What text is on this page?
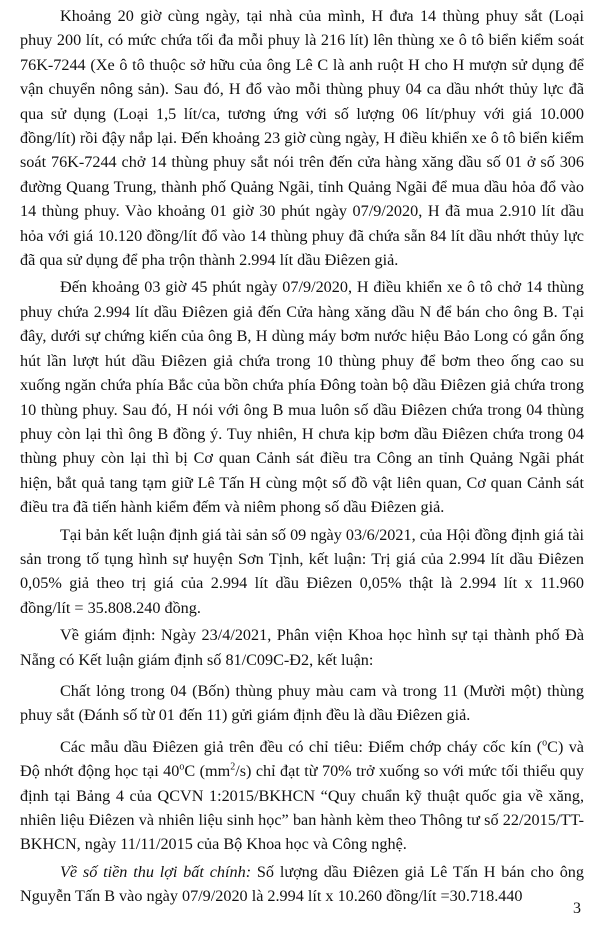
Khoảng 20 giờ cùng ngày, tại nhà của mình, H đưa 14 thùng phuy sắt (Loại phuy 200 lít, có mức chứa tối đa mỗi phuy là 216 lít) lên thùng xe ô tô biển kiểm soát 76K-7244 (Xe ô tô thuộc sở hữu của ông Lê C là anh ruột H cho H mượn sử dụng để vận chuyển nông sản). Sau đó, H đổ vào mỗi thùng phuy 04 ca dầu nhớt thủy lực đã qua sử dụng (Loại 1,5 lít/ca, tương ứng với số lượng 06 lít/phuy với giá 10.000 đồng/lít) rồi đậy nắp lại. Đến khoảng 23 giờ cùng ngày, H điều khiển xe ô tô biển kiểm soát 76K-7244 chở 14 thùng phuy sắt nói trên đến cửa hàng xăng dầu số 01 ở số 306 đường Quang Trung, thành phố Quảng Ngãi, tỉnh Quảng Ngãi để mua dầu hỏa đổ vào 14 thùng phuy. Vào khoảng 01 giờ 30 phút ngày 07/9/2020, H đã mua 2.910 lít dầu hỏa với giá 10.120 đồng/lít đổ vào 14 thùng phuy đã chứa sẵn 84 lít dầu nhớt thủy lực đã qua sử dụng để pha trộn thành 2.994 lít dầu Điêzen giả.

Đến khoảng 03 giờ 45 phút ngày 07/9/2020, H điều khiển xe ô tô chở 14 thùng phuy chứa 2.994 lít dầu Điêzen giả đến Cửa hàng xăng dầu N để bán cho ông B. Tại đây, dưới sự chứng kiến của ông B, H dùng máy bơm nước hiệu Bảo Long có gắn ống hút lần lượt hút dầu Điêzen giả chứa trong 10 thùng phuy để bơm theo ống cao su xuống ngăn chứa phía Bắc của bồn chứa phía Đông toàn bộ dầu Điêzen giả chứa trong 10 thùng phuy. Sau đó, H nói với ông B mua luôn số dầu Điêzen chứa trong 04 thùng phuy còn lại thì ông B đồng ý. Tuy nhiên, H chưa kịp bơm dầu Điêzen chứa trong 04 thùng phuy còn lại thì bị Cơ quan Cảnh sát điều tra Công an tỉnh Quảng Ngãi phát hiện, bắt quả tang tạm giữ Lê Tấn H cùng một số đồ vật liên quan, Cơ quan Cảnh sát điều tra đã tiến hành kiểm đếm và niêm phong số dầu Điêzen giả.

Tại bản kết luận định giá tài sản số 09 ngày 03/6/2021, của Hội đồng định giá tài sản trong tố tụng hình sự huyện Sơn Tịnh, kết luận: Trị giá của 2.994 lít dầu Điêzen 0,05% giả theo trị giá của 2.994 lít dầu Điêzen 0,05% thật là 2.994 lít x 11.960 đồng/lít = 35.808.240 đồng.

Về giám định: Ngày 23/4/2021, Phân viện Khoa học hình sự tại thành phố Đà Nẵng có Kết luận giám định số 81/C09C-Đ2, kết luận:

Chất lỏng trong 04 (Bốn) thùng phuy màu cam và trong 11 (Mười một) thùng phuy sắt (Đánh số từ 01 đến 11) gửi giám định đều là dầu Điêzen giả.

Các mẫu dầu Điêzen giả trên đều có chỉ tiêu: Điểm chớp cháy cốc kín ($^o$C) và Độ nhớt động học tại 40$^o$C $(mm^2/s)$ chỉ đạt từ 70% trở xuống so với mức tối thiểu quy định tại Bảng 4 của QCVN 1:2015/BKHCN “Quy chuẩn kỹ thuật quốc gia về xăng, nhiên liệu Điêzen và nhiên liệu sinh học” ban hành kèm theo Thông tư số 22/2015/TT-BKHCN, ngày 11/11/2015 của Bộ Khoa học và Công nghệ.

Về số tiền thu lợi bất chính: Số lượng dầu Điêzen giả Lê Tấn H bán cho ông Nguyễn Tấn B vào ngày 07/9/2020 là 2.994 lít x 10.260 đồng/lít =30.718.440

3
